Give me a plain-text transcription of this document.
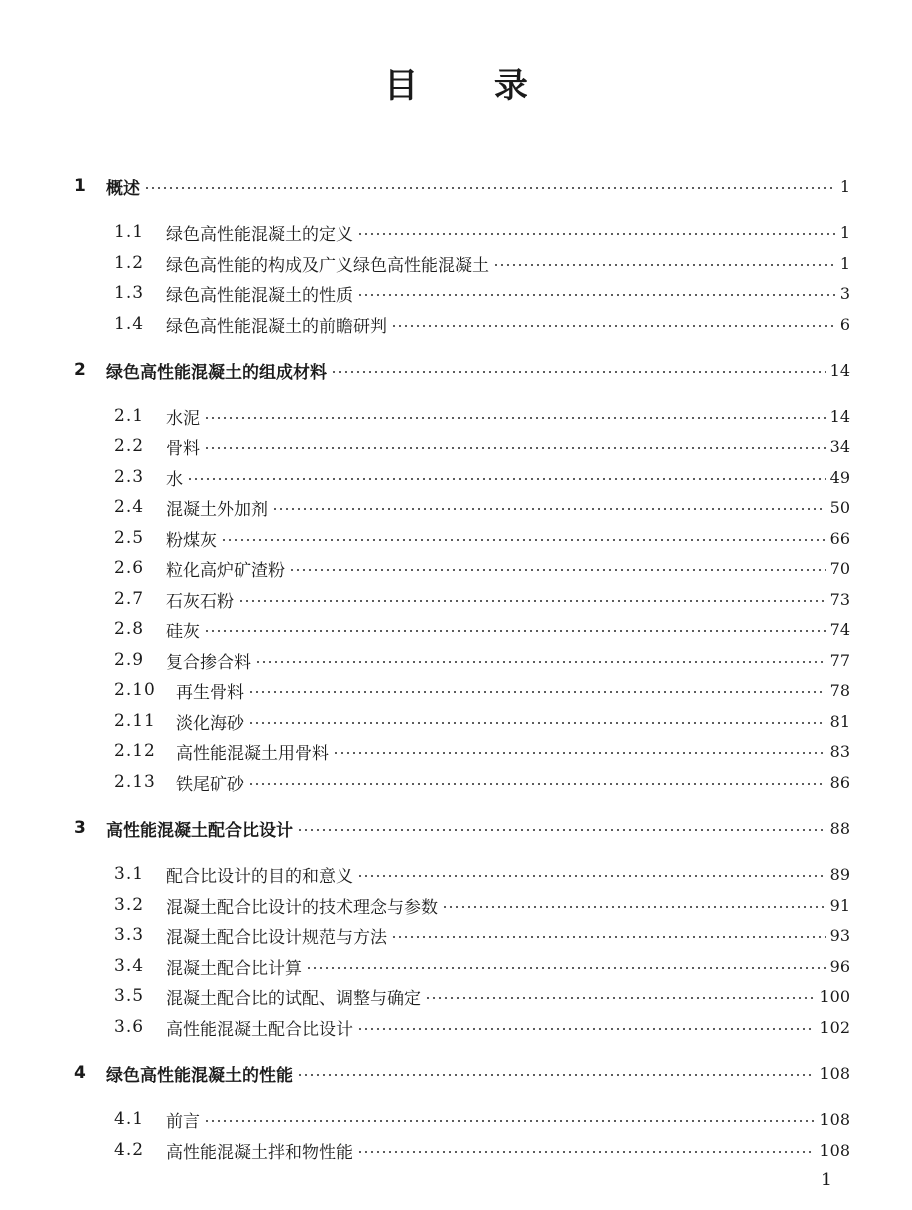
目 录
1	概述	1
1.1	绿色高性能混凝土的定义	1
1.2	绿色高性能的构成及广义绿色高性能混凝土	1
1.3	绿色高性能混凝土的性质	3
1.4	绿色高性能混凝土的前瞻研判	6
2	绿色高性能混凝土的组成材料	14
2.1	水泥	14
2.2	骨料	34
2.3	水	49
2.4	混凝土外加剂	50
2.5	粉煤灰	66
2.6	粒化高炉矿渣粉	70
2.7	石灰石粉	73
2.8	硅灰	74
2.9	复合掺合料	77
2.10	再生骨料	78
2.11	淡化海砂	81
2.12	高性能混凝土用骨料	83
2.13	铁尾矿砂	86
3	高性能混凝土配合比设计	88
3.1	配合比设计的目的和意义	89
3.2	混凝土配合比设计的技术理念与参数	91
3.3	混凝土配合比设计规范与方法	93
3.4	混凝土配合比计算	96
3.5	混凝土配合比的试配、调整与确定	100
3.6	高性能混凝土配合比设计	102
4	绿色高性能混凝土的性能	108
4.1	前言	108
4.2	高性能混凝土拌和物性能	108
1
